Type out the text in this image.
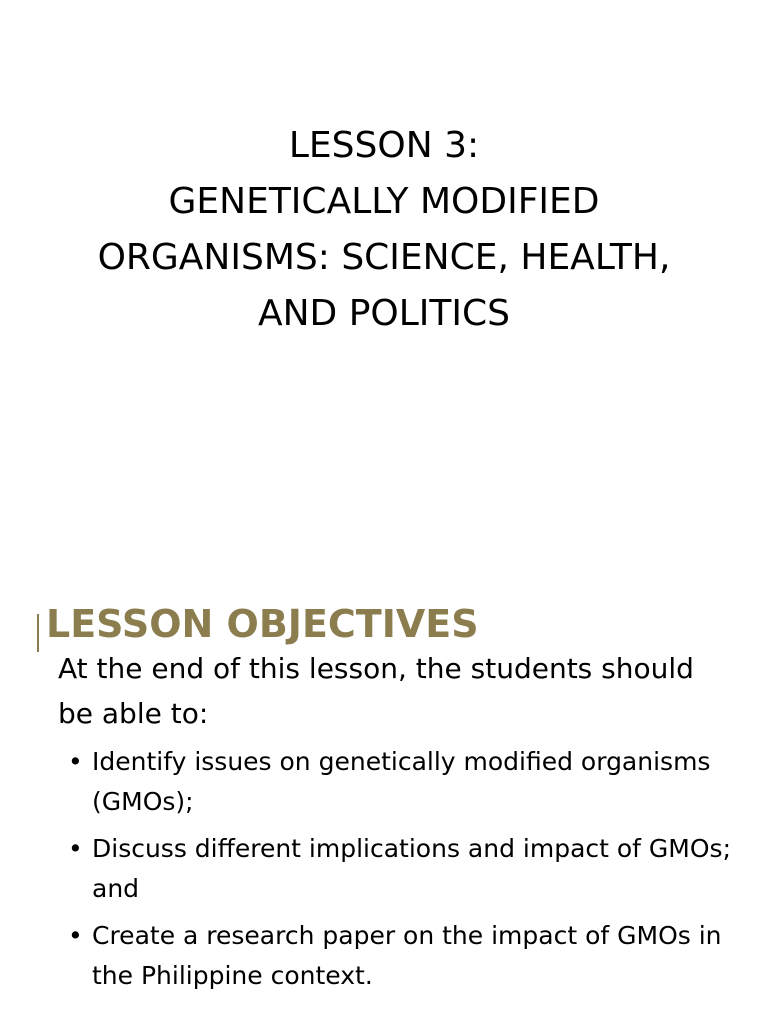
LESSON 3:
GENETICALLY MODIFIED
ORGANISMS: SCIENCE, HEALTH,
AND POLITICS
LESSON OBJECTIVES
At the end of this lesson, the students should be able to:
• Identify issues on genetically modified organisms (GMOs);
• Discuss different implications and impact of GMOs; and
• Create a research paper on the impact of GMOs in the Philippine context.
